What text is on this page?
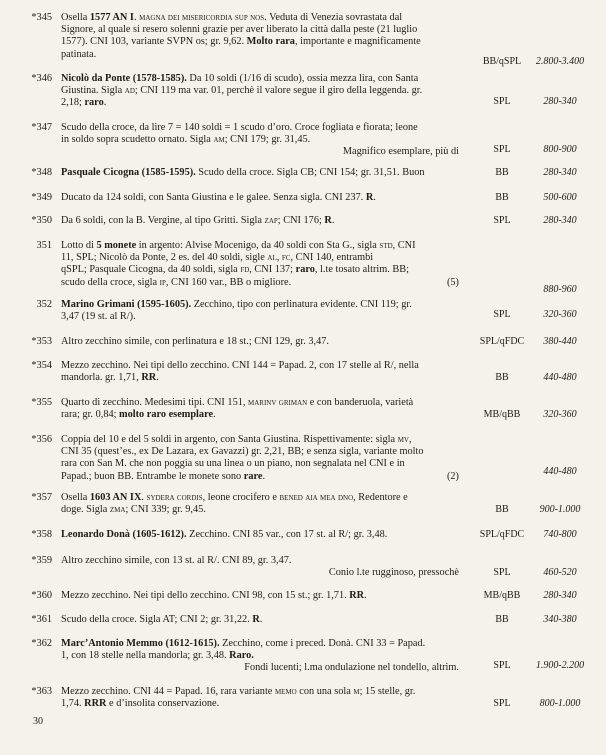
*345 Osella 1577 AN I. magna dei misericordia sup nos. Veduta di Venezia sovrastata dal
Signore, al quale si resero solenni grazie per aver liberato la città dalla peste (21 luglio
1577). CNI 103, variante SVPN os; gr. 9,62. Molto rara, importante e magnificamente
patinata.
BB/qSPL	2.800-3.400
*346 Nicolò da Ponte (1578-1585). Da 10 soldi (1/16 di scudo), ossia mezza lira, con Santa
Giustina. Sigla ad; CNI 119 ma var. 01, perchè il valore segue il giro della leggenda. gr.
2,18; raro.	SPL	280-340
*347 Scudo della croce, da lire 7 = 140 soldi = 1 scudo d’oro. Croce fogliata e fiorata; leone
in soldo sopra scudetto ornato. Sigla am; CNI 179; gr. 31,45.
Magnifico esemplare, più di	SPL	800-900
*348 Pasquale Cicogna (1585-1595). Scudo della croce. Sigla CB; CNI 154; gr. 31,51. Buon	BB	280-340
*349 Ducato da 124 soldi, con Santa Giustina e le galee. Senza sigla. CNI 237. R.	BB	500-600
*350 Da 6 soldi, con la B. Vergine, al tipo Gritti. Sigla zap; CNI 176; R.	SPL	280-340
351 Lotto di 5 monete in argento: Alvise Mocenigo, da 40 soldi con Sta G., sigla std, CNI
11, SPL; Nicolò da Ponte, 2 es. del 40 soldi, sigle al, fc, CNI 140, entrambi
qSPL; Pasquale Cicogna, da 40 soldi, sigla fd, CNI 137; raro, l.te tosato altrim. BB;
scudo della croce, sigla ip, CNI 160 var., BB o migliore.	(5)
880-960
352 Marino Grimani (1595-1605). Zecchino, tipo con perlinatura evidente. CNI 119; gr.
3,47 (19 st. al R/).	SPL	320-360
*353 Altro zecchino simile, con perlinatura e 18 st.; CNI 129, gr. 3,47.	SPL/qFDC	380-440
*354 Mezzo zecchino. Nei tipi dello zecchino. CNI 144 = Papad. 2, con 17 stelle al R/, nella
mandorla. gr. 1,71, RR.	BB	440-480
*355 Quarto di zecchino. Medesimi tipi. CNI 151, marinv griman e con banderuola, varietà
rara; gr. 0,84; molto raro esemplare.	MB/qBB	320-360
*356 Coppia del 10 e del 5 soldi in argento, con Santa Giustina. Rispettivamente: sigla mv,
CNI 35 (quest’es., ex De Lazara, ex Gavazzi) gr. 2,21, BB; e senza sigla, variante molto
rara con San M. che non poggia su una linea o un piano, non segnalata nel CNI e in
Papad.; buon BB. Entrambe le monete sono rare.	(2)	440-480
*357 Osella 1603 AN IX. sydera cordis, leone crocifero e bened aia mea dno, Redentore e
doge. Sigla zma; CNI 339; gr. 9,45.	BB	900-1.000
*358 Leonardo Donà (1605-1612). Zecchino. CNI 85 var., con 17 st. al R/; gr. 3,48.	SPL/qFDC	740-800
*359 Altro zecchino simile, con 13 st. al R/. CNI 89, gr. 3,47.
Conio l.te rugginoso, pressochè	SPL	460-520
*360 Mezzo zecchino. Nei tipi dello zecchino. CNI 98, con 15 st.; gr. 1,71. RR.	MB/qBB	280-340
*361 Scudo della croce. Sigla AT; CNI 2; gr. 31,22. R.	BB	340-380
*362 Marc’Antonio Memmo (1612-1615). Zecchino, come i preced. Donà. CNI 33 = Papad.
1, con 18 stelle nella mandorla; gr. 3,48. Raro.
Fondi lucenti; l.ma ondulazione nel tondello, altrim.	SPL	1.900-2.200
*363 Mezzo zecchino. CNI 44 = Papad. 16, rara variante memo con una sola m; 15 stelle, gr.
1,74. RRR e d’insolita conservazione.	SPL	800-1.000
30
